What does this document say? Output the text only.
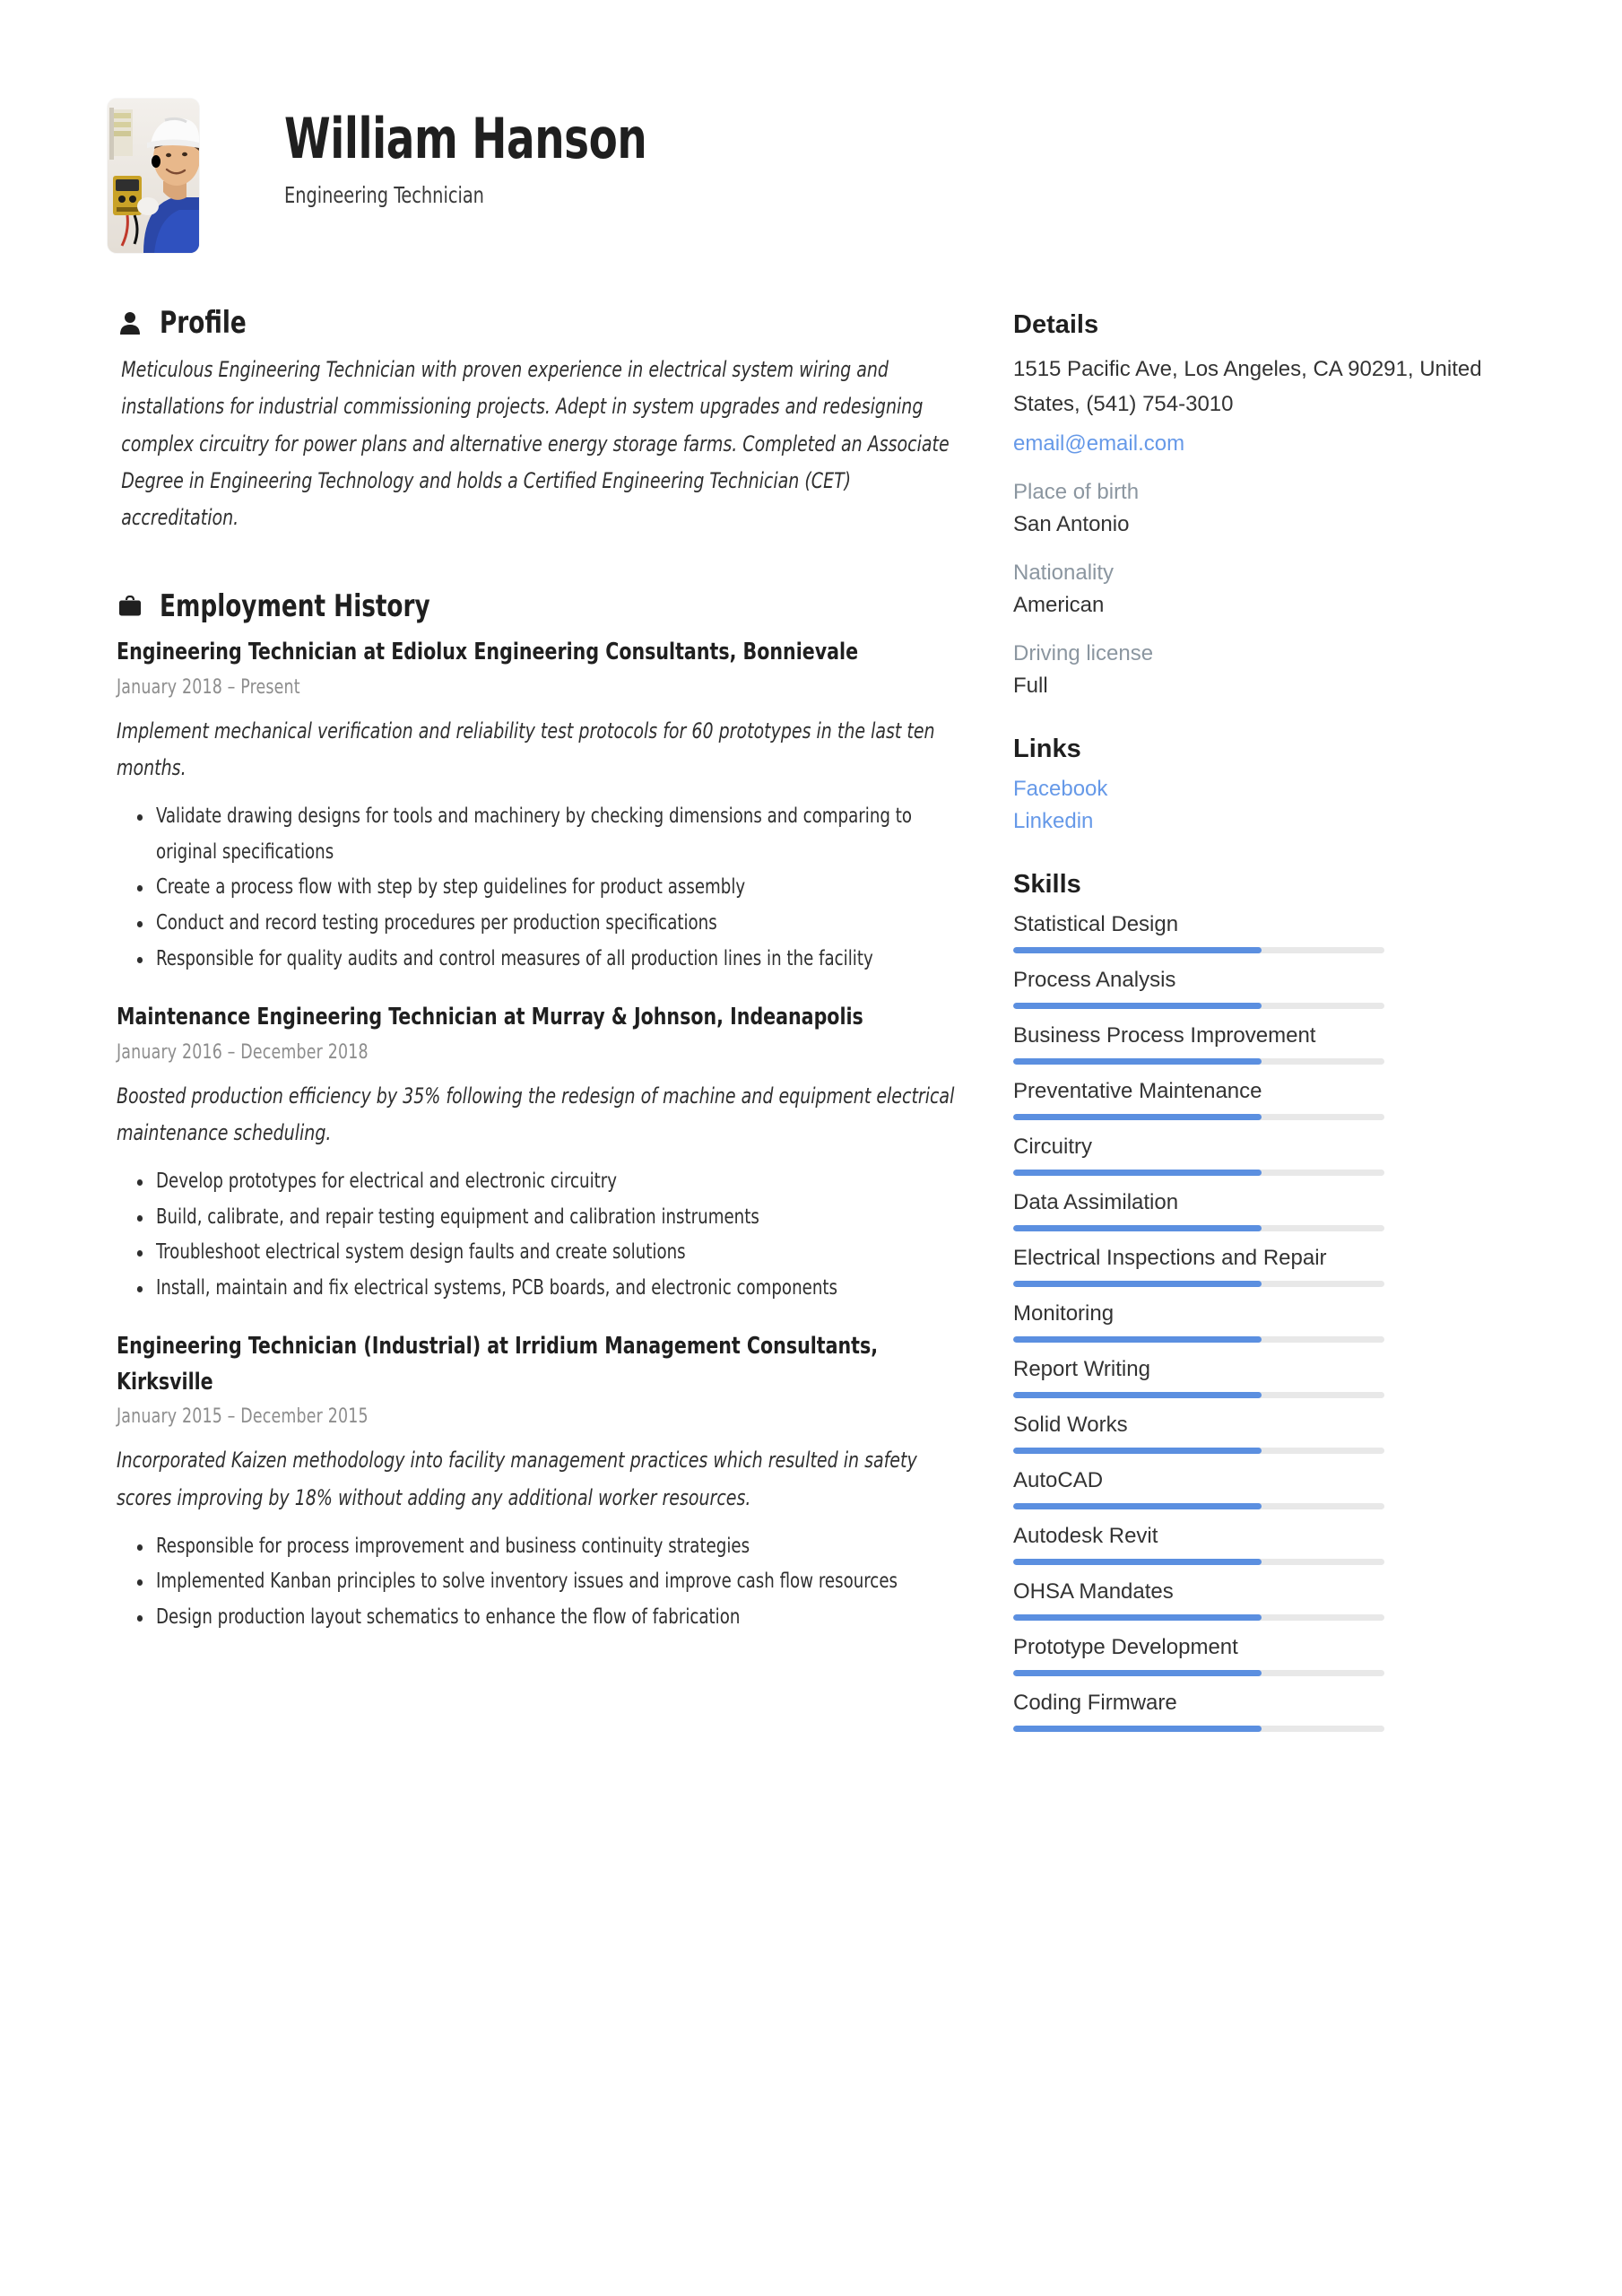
William Hanson
Engineering Technician
Profile
Meticulous Engineering Technician with proven experience in electrical system wiring and installations for industrial commissioning projects. Adept in system upgrades and redesigning complex circuitry for power plans and alternative energy storage farms. Completed an Associate Degree in Engineering Technology and holds a Certified Engineering Technician (CET) accreditation.
Employment History
Engineering Technician at Ediolux Engineering Consultants, Bonnievale
January 2018 – Present
Implement mechanical verification and reliability test protocols for 60 prototypes in the last ten months.
Validate drawing designs for tools and machinery by checking dimensions and comparing to original specifications
Create a process flow with step by step guidelines for product assembly
Conduct and record testing procedures per production specifications
Responsible for quality audits and control measures of all production lines in the facility
Maintenance Engineering Technician at Murray & Johnson, Indeanapolis
January 2016 – December 2018
Boosted production efficiency by 35% following the redesign of machine and equipment electrical maintenance scheduling.
Develop prototypes for electrical and electronic circuitry
Build, calibrate, and repair testing equipment and calibration instruments
Troubleshoot electrical system design faults and create solutions
Install, maintain and fix electrical systems, PCB boards, and electronic components
Engineering Technician (Industrial) at Irridium Management Consultants, Kirksville
January 2015 – December 2015
Incorporated Kaizen methodology into facility management practices which resulted in safety scores improving by 18% without adding any additional worker resources.
Responsible for process improvement and business continuity strategies
Implemented Kanban principles to solve inventory issues and improve cash flow resources
Design production layout schematics to enhance the flow of fabrication
Details
1515 Pacific Ave, Los Angeles, CA 90291, United States, (541) 754-3010
email@email.com
Place of birth
San Antonio
Nationality
American
Driving license
Full
Links
Facebook
Linkedin
Skills
Statistical Design
Process Analysis
Business Process Improvement
Preventative Maintenance
Circuitry
Data Assimilation
Electrical Inspections and Repair
Monitoring
Report Writing
Solid Works
AutoCAD
Autodesk Revit
OHSA Mandates
Prototype Development
Coding Firmware
